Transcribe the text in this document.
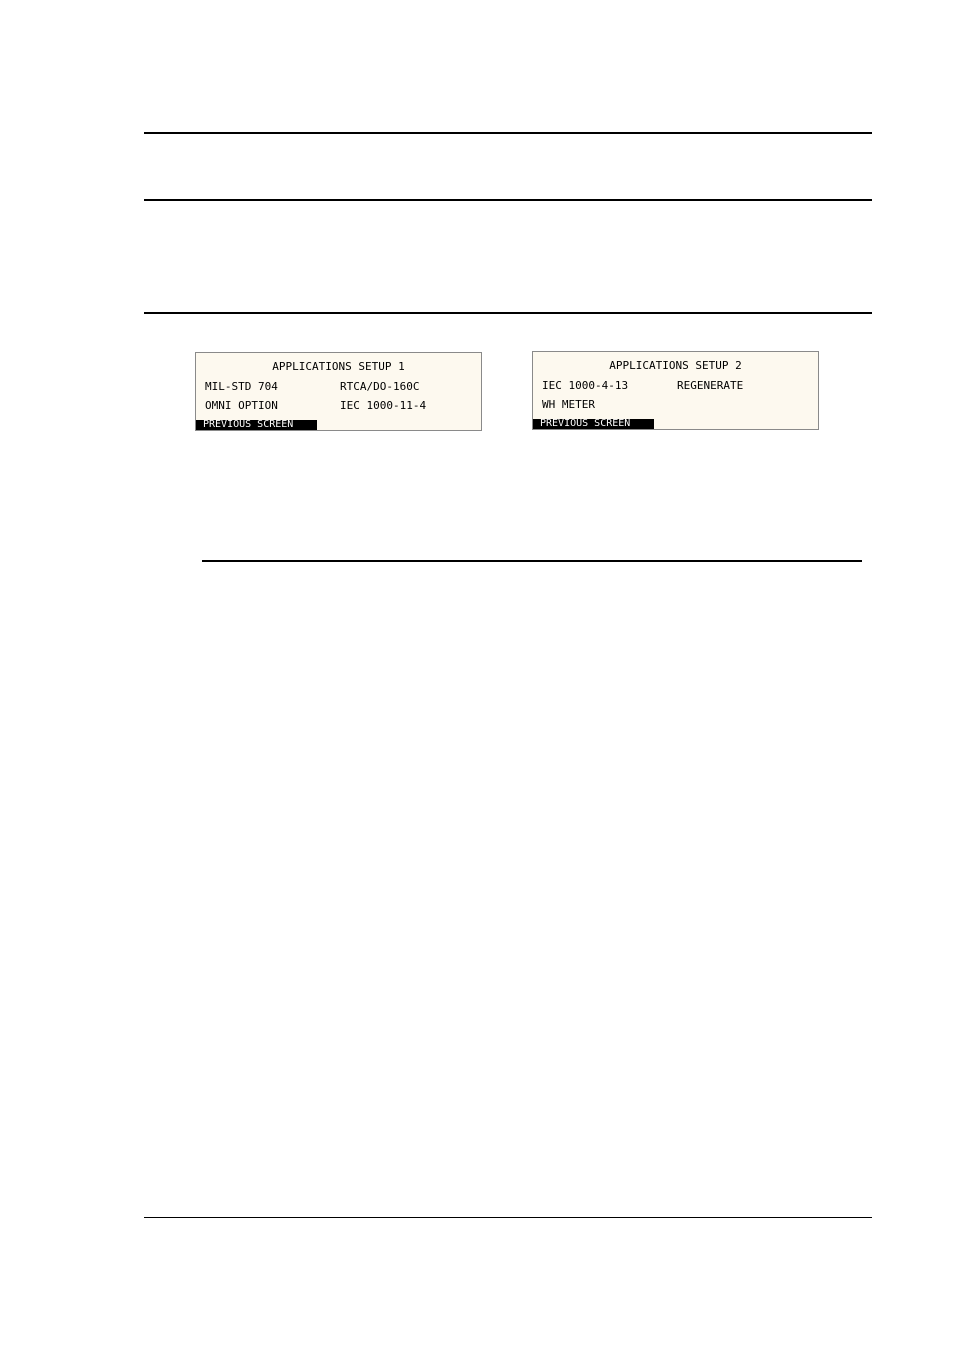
APPLICATIONS SETUP 1
MIL-STD 704	RTCA/DO-160C
OMNI OPTION	IEC 1000-11-4
PREVIOUS SCREEN
APPLICATIONS SETUP 2
IEC 1000-4-13	REGENERATE
WH METER
PREVIOUS SCREEN
